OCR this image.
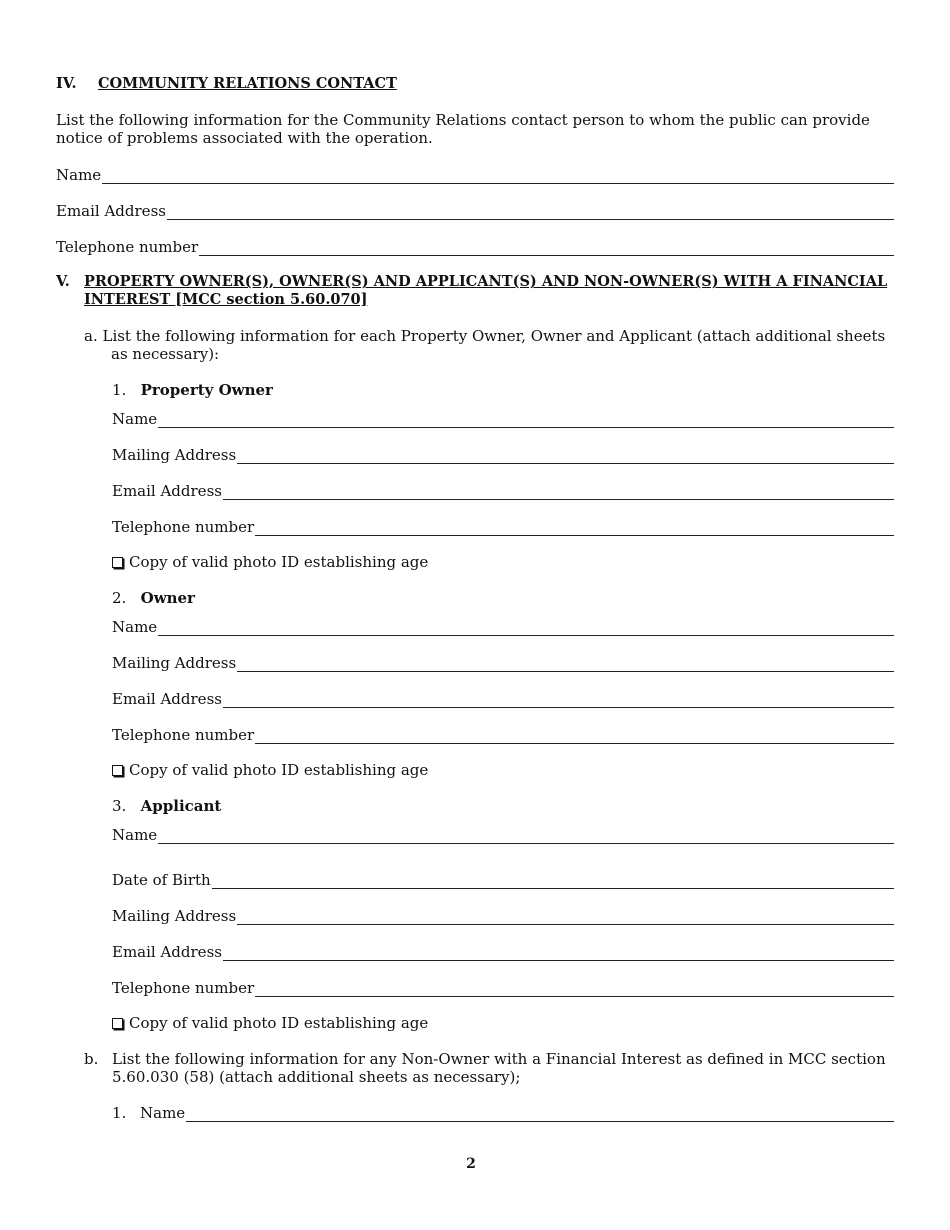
IV. COMMUNITY RELATIONS CONTACT
List the following information for the Community Relations contact person to whom the public can provide notice of problems associated with the operation.
Name
Email Address
Telephone number
V. PROPERTY OWNER(S), OWNER(S) AND APPLICANT(S) AND NON-OWNER(S) WITH A FINANCIAL
INTEREST [MCC section 5.60.070]
a. List the following information for each Property Owner, Owner and Applicant (attach additional sheets
as necessary):
1. Property Owner
Name
Mailing Address
Email Address
Telephone number
Copy of valid photo ID establishing age
2. Owner
Name
Mailing Address
Email Address
Telephone number
Copy of valid photo ID establishing age
3. Applicant
Name
Date of Birth
Mailing Address
Email Address
Telephone number
Copy of valid photo ID establishing age
b. List the following information for any Non-Owner with a Financial Interest as defined in MCC section
5.60.030 (58) (attach additional sheets as necessary);
1. Name
2
